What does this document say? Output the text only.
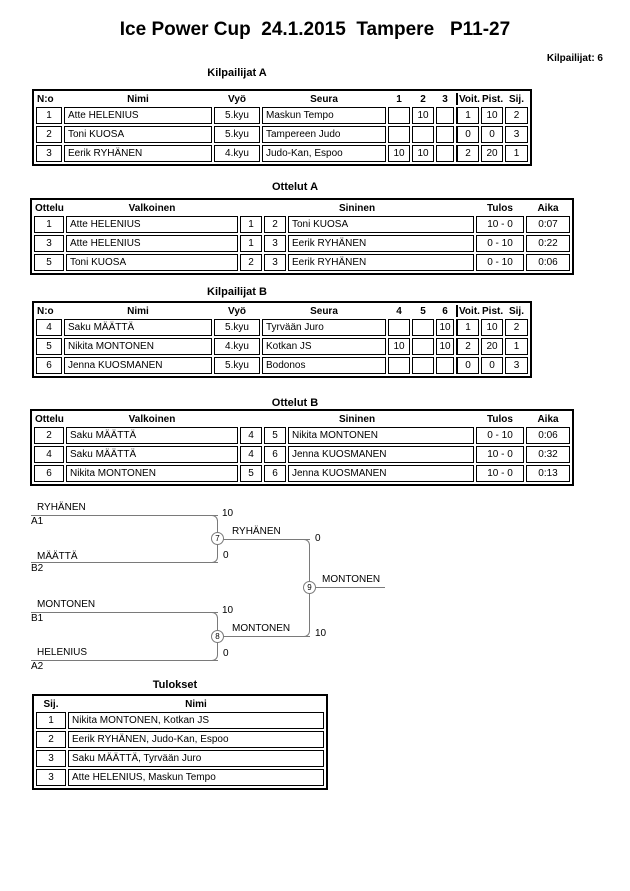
Ice Power Cup  24.1.2015  Tampere   P11-27
Kilpailijat: 6
Kilpailijat A
N:o	Nimi	Vyö	Seura	1	2	3	Voit.	Pist.	Sij.
1	Atte HELENIUS	5.kyu	Maskun Tempo		10		1	10	2
2	Toni KUOSA	5.kyu	Tampereen Judo				0	0	3
3	Eerik RYHÄNEN	4.kyu	Judo-Kan, Espoo	10	10		2	20	1
Ottelut A
Ottelu	Valkoinen	Sininen			Tulos	Aika
1	Atte HELENIUS	1	2	Toni KUOSA	10 - 0	0:07
3	Atte HELENIUS	1	3	Eerik RYHÄNEN	0 - 10	0:22
5	Toni KUOSA	2	3	Eerik RYHÄNEN	0 - 10	0:06
Kilpailijat B
N:o	Nimi	Vyö	Seura	4	5	6	Voit.	Pist.	Sij.
4	Saku MÄÄTTÄ	5.kyu	Tyrvään Juro			10	1	10	2
5	Nikita MONTONEN	4.kyu	Kotkan JS	10		10	2	20	1
6	Jenna KUOSMANEN	5.kyu	Bodonos				0	0	3
Ottelut B
Ottelu	Valkoinen	Sininen			Tulos	Aika
2	Saku MÄÄTTÄ	4	5	Nikita MONTONEN	0 - 10	0:06
4	Saku MÄÄTTÄ	4	6	Jenna KUOSMANEN	10 - 0	0:32
6	Nikita MONTONEN	5	6	Jenna KUOSMANEN	10 - 0	0:13
RYHÄNEN
A1
10
MÄÄTTÄ
B2
0
RYHÄNEN
7	0
10
MONTONEN
9
MONTONEN
B1
10
HELENIUS
A2
0
MONTONEN
8
Tulokset
Sij.	Nimi
1	Nikita MONTONEN, Kotkan JS
2	Eerik RYHÄNEN, Judo-Kan, Espoo
3	Saku MÄÄTTÄ, Tyrvään Juro
3	Atte HELENIUS, Maskun Tempo
